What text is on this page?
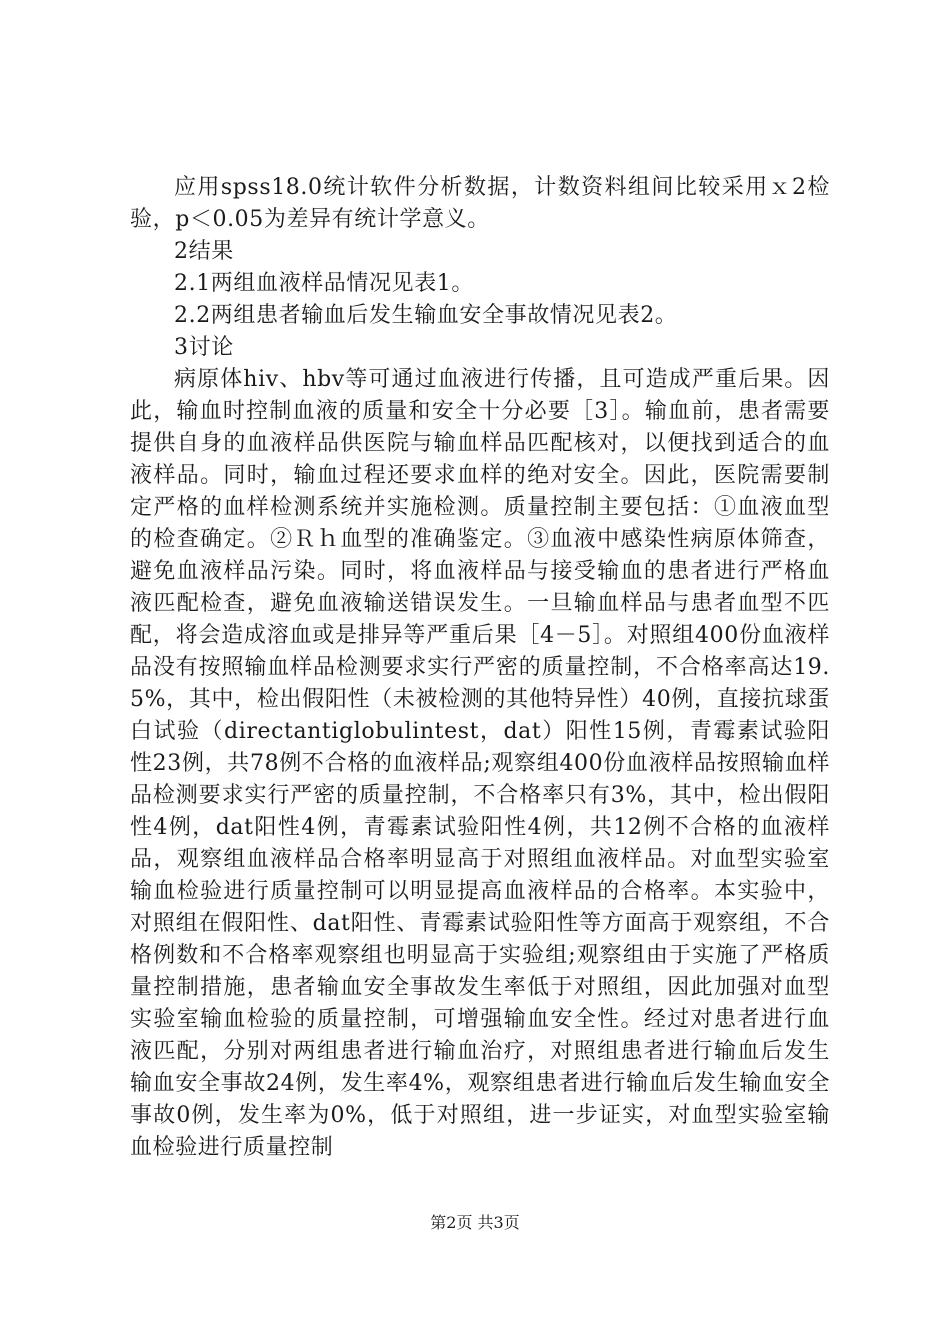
应用spss18.0统计软件分析数据，计数资料组间比较采用ｘ2检验，p＜0.05为差异有统计学意义。

2结果

2.1两组血液样品情况见表1。

2.2两组患者输血后发生输血安全事故情况见表2。

3讨论

病原体hiv、hbv等可通过血液进行传播，且可造成严重后果。因此，输血时控制血液的质量和安全十分必要［3］。输血前，患者需要提供自身的血液样品供医院与输血样品匹配核对，以便找到适合的血液样品。同时，输血过程还要求血样的绝对安全。因此，医院需要制定严格的血样检测系统并实施检测。质量控制主要包括：①血液血型的检查确定。②Ｒｈ血型的准确鉴定。③血液中感染性病原体筛查，避免血液样品污染。同时，将血液样品与接受输血的患者进行严格血液匹配检查，避免血液输送错误发生。一旦输血样品与患者血型不匹配，将会造成溶血或是排异等严重后果［4－5］。对照组400份血液样品没有按照输血样品检测要求实行严密的质量控制，不合格率高达19.5%，其中，检出假阳性（未被检测的其他特异性）40例，直接抗球蛋白试验（directantiglobulintest，dat）阳性15例，青霉素试验阳性23例，共78例不合格的血液样品;观察组400份血液样品按照输血样品检测要求实行严密的质量控制，不合格率只有3%，其中，检出假阳性4例，dat阳性4例，青霉素试验阳性4例，共12例不合格的血液样品，观察组血液样品合格率明显高于对照组血液样品。对血型实验室输血检验进行质量控制可以明显提高血液样品的合格率。本实验中，对照组在假阳性、dat阳性、青霉素试验阳性等方面高于观察组，不合格例数和不合格率观察组也明显高于实验组;观察组由于实施了严格质量控制措施，患者输血安全事故发生率低于对照组，因此加强对血型实验室输血检验的质量控制，可增强输血安全性。经过对患者进行血液匹配，分别对两组患者进行输血治疗，对照组患者进行输血后发生输血安全事故24例，发生率4%，观察组患者进行输血后发生输血安全事故0例，发生率为0%，低于对照组，进一步证实，对血型实验室输血检验进行质量控制

第2页 共3页
